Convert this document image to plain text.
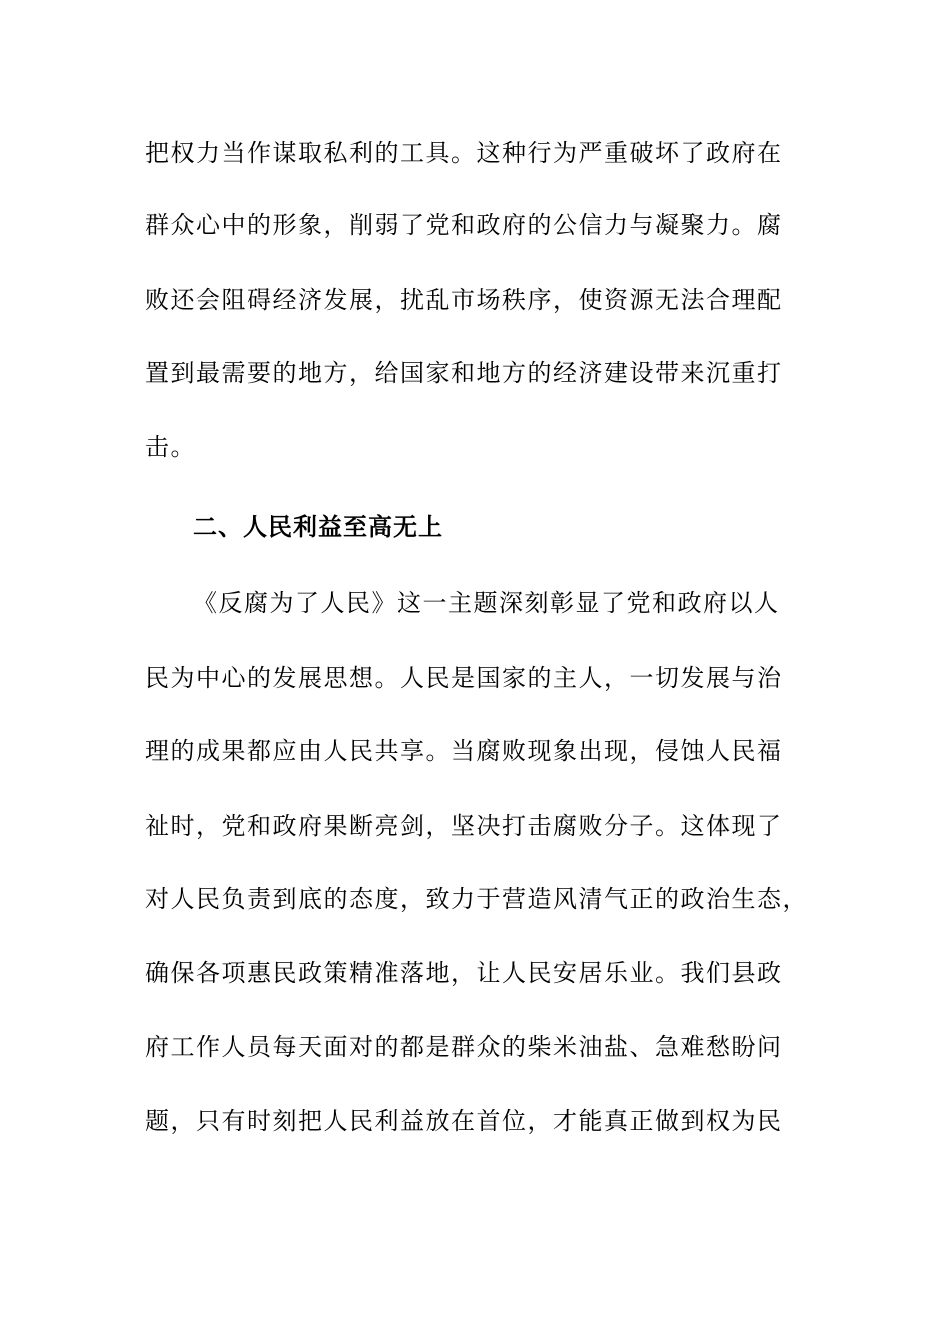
把权力当作谋取私利的工具。这种行为严重破坏了政府在
群众心中的形象，削弱了党和政府的公信力与凝聚力。腐
败还会阻碍经济发展，扰乱市场秩序，使资源无法合理配
置到最需要的地方，给国家和地方的经济建设带来沉重打
击。
二、人民利益至高无上
《反腐为了人民》这一主题深刻彰显了党和政府以人
民为中心的发展思想。人民是国家的主人，一切发展与治
理的成果都应由人民共享。当腐败现象出现，侵蚀人民福
祉时，党和政府果断亮剑，坚决打击腐败分子。这体现了
对人民负责到底的态度，致力于营造风清气正的政治生态，
确保各项惠民政策精准落地，让人民安居乐业。我们县政
府工作人员每天面对的都是群众的柴米油盐、急难愁盼问
题，只有时刻把人民利益放在首位，才能真正做到权为民
